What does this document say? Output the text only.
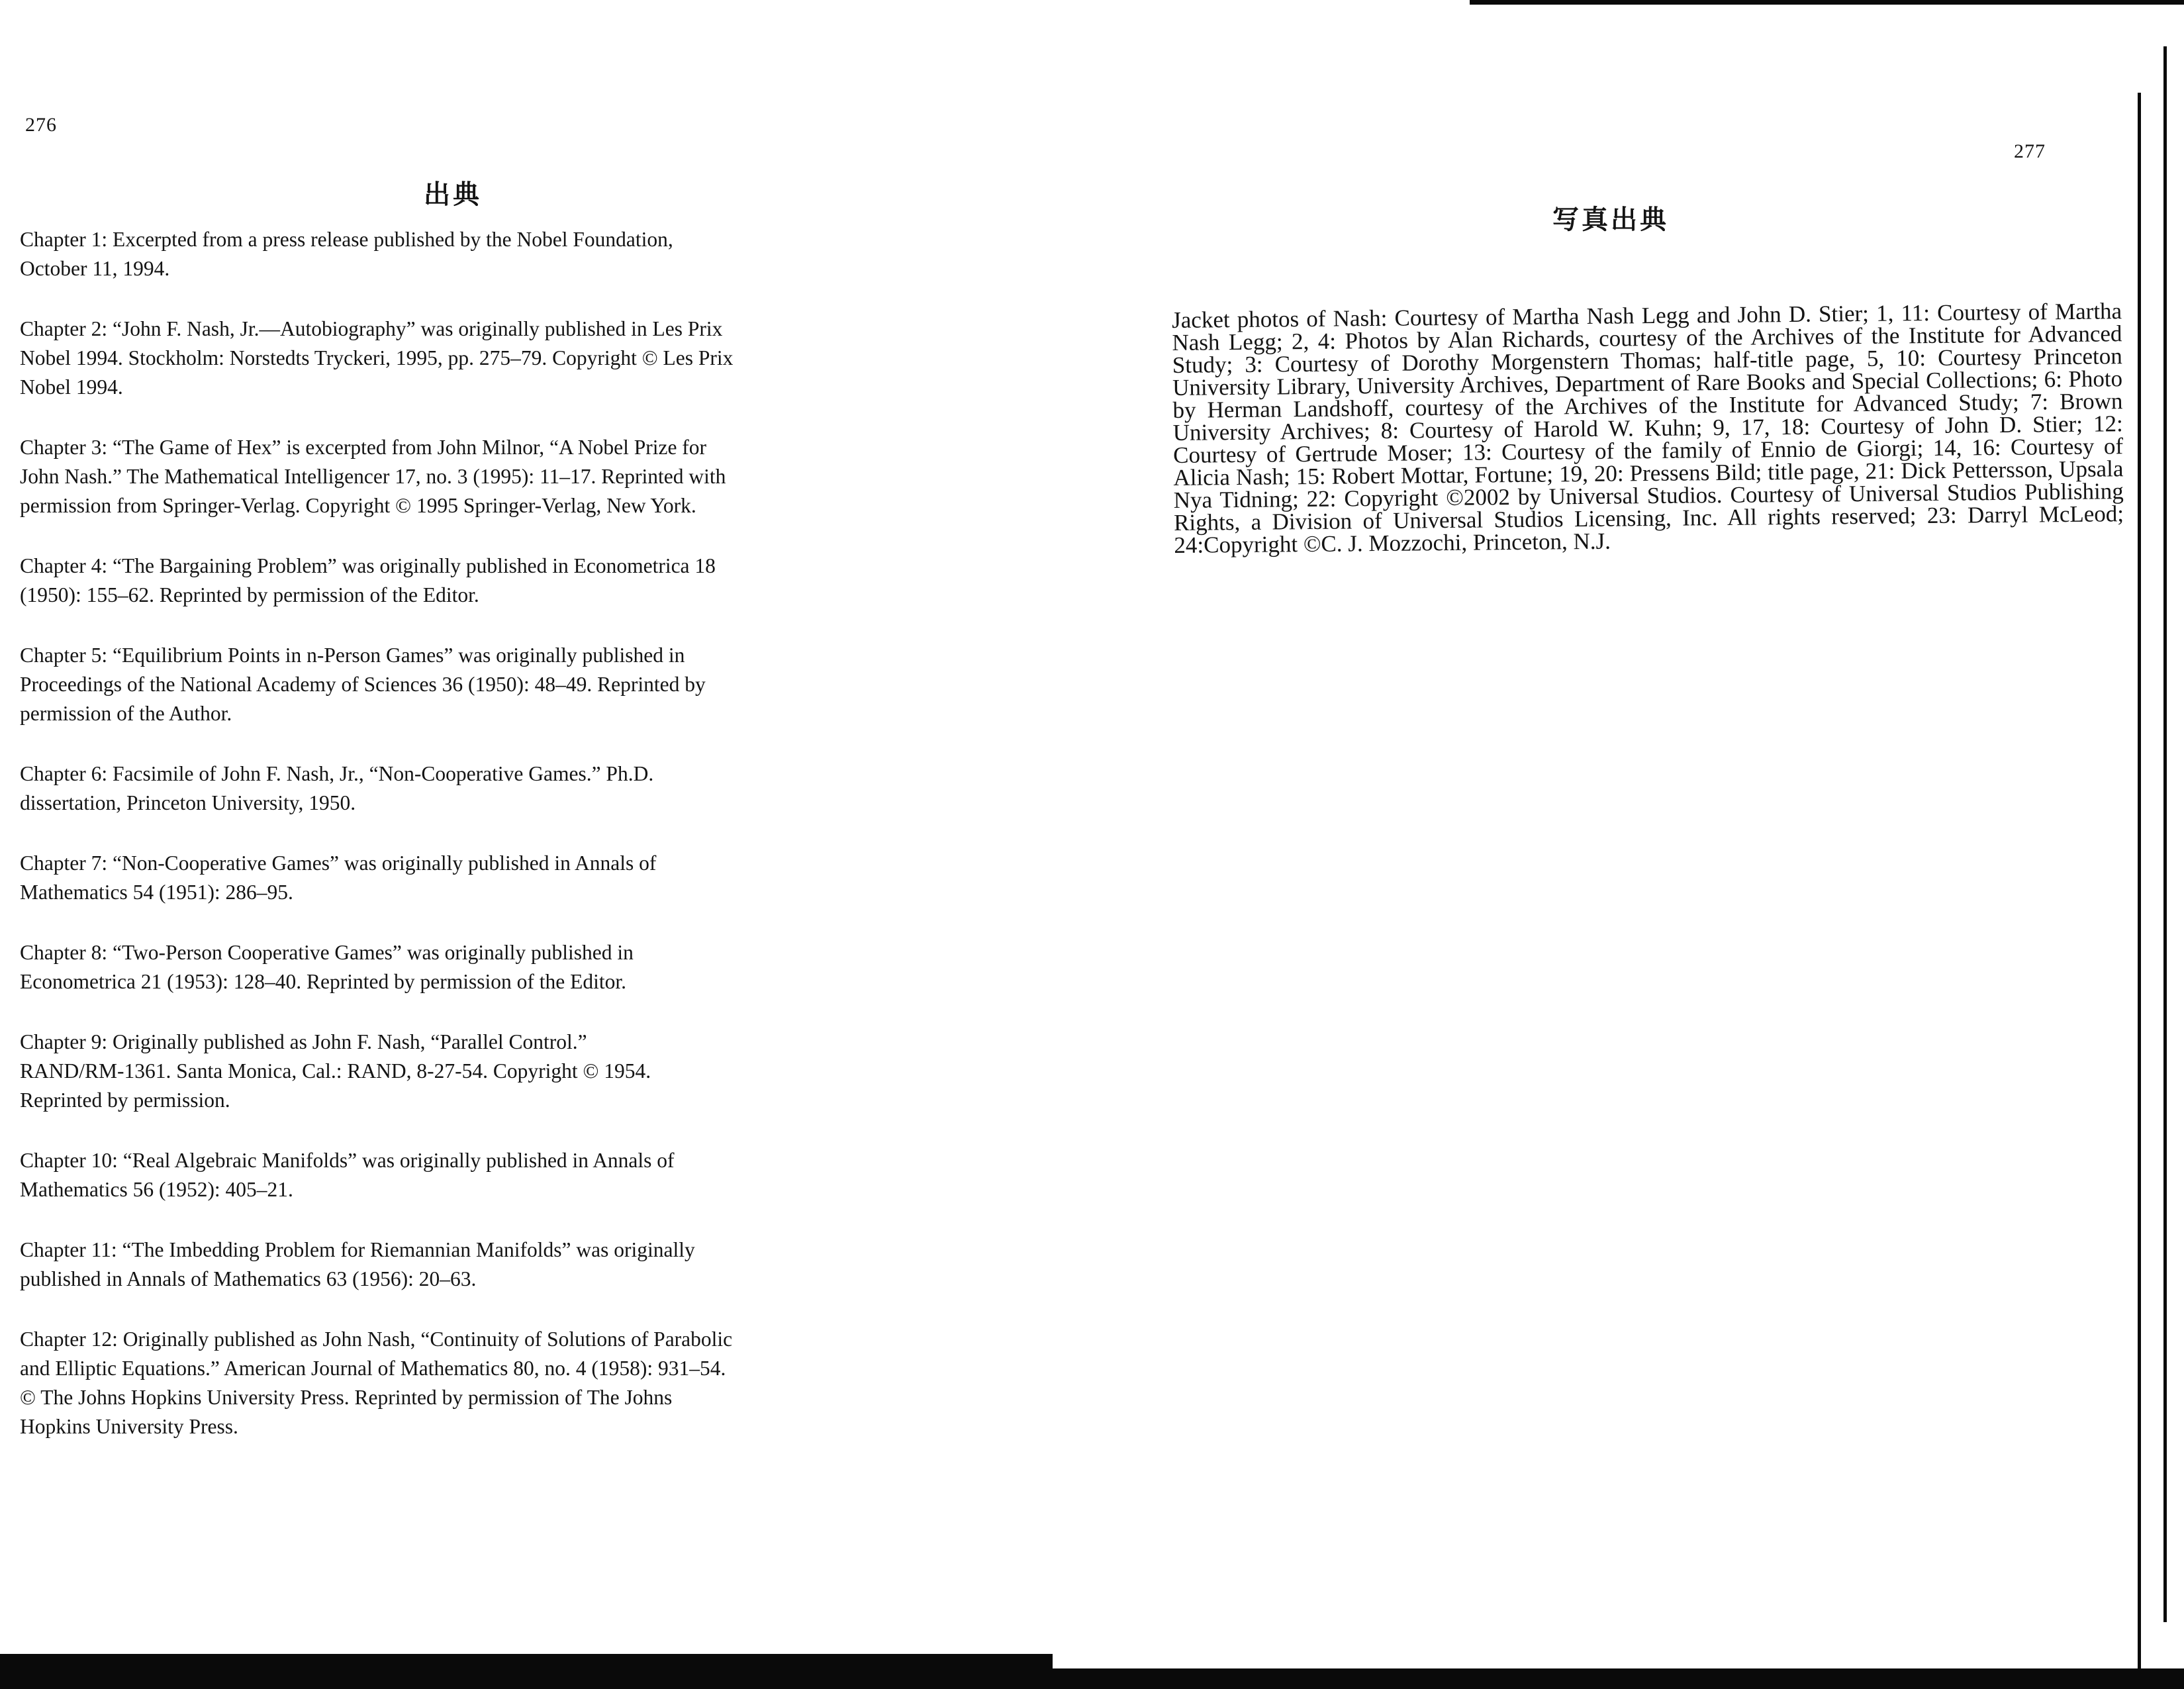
276
出典

Chapter 1: Excerpted from a press release published by the Nobel Foundation,
October 11, 1994.

Chapter 2: “John F. Nash, Jr.—Autobiography” was originally published in Les Prix
Nobel 1994. Stockholm: Norstedts Tryckeri, 1995, pp. 275–79. Copyright © Les Prix
Nobel 1994.

Chapter 3: “The Game of Hex” is excerpted from John Milnor, “A Nobel Prize for
John Nash.” The Mathematical Intelligencer 17, no. 3 (1995): 11–17. Reprinted with
permission from Springer-Verlag. Copyright © 1995 Springer-Verlag, New York.

Chapter 4: “The Bargaining Problem” was originally published in Econometrica 18
(1950): 155–62. Reprinted by permission of the Editor.

Chapter 5: “Equilibrium Points in n-Person Games” was originally published in
Proceedings of the National Academy of Sciences 36 (1950): 48–49. Reprinted by
permission of the Author.

Chapter 6: Facsimile of John F. Nash, Jr., “Non-Cooperative Games.” Ph.D.
dissertation, Princeton University, 1950.

Chapter 7: “Non-Cooperative Games” was originally published in Annals of
Mathematics 54 (1951): 286–95.

Chapter 8: “Two-Person Cooperative Games” was originally published in
Econometrica 21 (1953): 128–40. Reprinted by permission of the Editor.

Chapter 9: Originally published as John F. Nash, “Parallel Control.”
RAND/RM-1361. Santa Monica, Cal.: RAND, 8-27-54. Copyright © 1954.
Reprinted by permission.

Chapter 10: “Real Algebraic Manifolds” was originally published in Annals of
Mathematics 56 (1952): 405–21.

Chapter 11: “The Imbedding Problem for Riemannian Manifolds” was originally
published in Annals of Mathematics 63 (1956): 20–63.

Chapter 12: Originally published as John Nash, “Continuity of Solutions of Parabolic
and Elliptic Equations.” American Journal of Mathematics 80, no. 4 (1958): 931–54.
© The Johns Hopkins University Press. Reprinted by permission of The Johns
Hopkins University Press.

277
写真出典

Jacket photos of Nash: Courtesy of Martha Nash Legg and John D. Stier; 1, 11: Courtesy of Martha Nash Legg; 2, 4: Photos by Alan Richards, courtesy of the Archives of the Institute for Advanced Study; 3: Courtesy of Dorothy Morgenstern Thomas; half-title page, 5, 10: Courtesy Princeton University Library, University Archives, Department of Rare Books and Special Collections; 6: Photo by Herman Landshoff, courtesy of the Archives of the Institute for Advanced Study; 7: Brown University Archives; 8: Courtesy of Harold W. Kuhn; 9, 17, 18: Courtesy of John D. Stier; 12: Courtesy of Gertrude Moser; 13: Courtesy of the family of Ennio de Giorgi; 14, 16: Courtesy of Alicia Nash; 15: Robert Mottar, Fortune; 19, 20: Pressens Bild; title page, 21: Dick Pettersson, Upsala Nya Tidning; 22: Copyright ©2002 by Universal Studios. Courtesy of Universal Studios Publishing Rights, a Division of Universal Studios Licensing, Inc. All rights reserved; 23: Darryl McLeod; 24:Copyright ©C. J. Mozzochi, Princeton, N.J.
